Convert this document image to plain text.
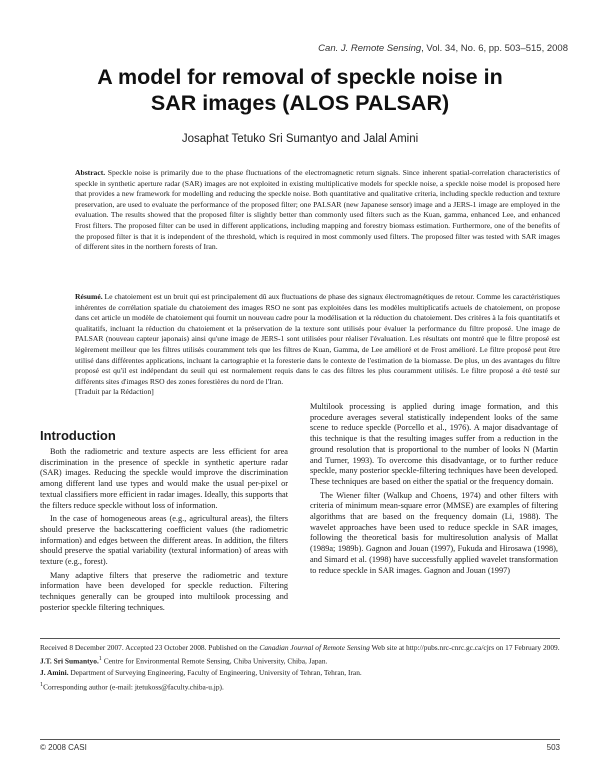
Can. J. Remote Sensing, Vol. 34, No. 6, pp. 503–515, 2008
A model for removal of speckle noise in
SAR images (ALOS PALSAR)
Josaphat Tetuko Sri Sumantyo and Jalal Amini
Abstract. Speckle noise is primarily due to the phase fluctuations of the electromagnetic return signals. Since inherent spatial-correlation characteristics of speckle in synthetic aperture radar (SAR) images are not exploited in existing multiplicative models for speckle noise, a speckle noise model is proposed here that provides a new framework for modelling and reducing the speckle noise. Both quantitative and qualitative criteria, including speckle reduction and texture preservation, are used to evaluate the performance of the proposed filter; one PALSAR (new Japanese sensor) image and a JERS-1 image are employed in the evaluation. The results showed that the proposed filter is slightly better than commonly used filters such as the Kuan, gamma, enhanced Lee, and enhanced Frost filters. The proposed filter can be used in different applications, including mapping and forestry biomass estimation. Furthermore, one of the benefits of the proposed filter is that it is independent of the threshold, which is required in most commonly used filters. The proposed filter was tested with SAR images of different sites in the northern forests of Iran.
Résumé. Le chatoiement est un bruit qui est principalement dû aux fluctuations de phase des signaux électromagnétiques de retour. Comme les caractéristiques inhérentes de corrélation spatiale du chatoiement des images RSO ne sont pas exploitées dans les modèles multiplicatifs actuels de chatoiement, on propose dans cet article un modèle de chatoiement qui fournit un nouveau cadre pour la modélisation et la réduction du chatoiement. Des critères à la fois quantitatifs et qualitatifs, incluant la réduction du chatoiement et la préservation de la texture sont utilisés pour évaluer la performance du filtre proposé. Une image de PALSAR (nouveau capteur japonais) ainsi qu'une image de JERS-1 sont utilisées pour réaliser l'évaluation. Les résultats ont montré que le filtre proposé est légèrement meilleur que les filtres utilisés couramment tels que les filtres de Kuan, Gamma, de Lee amélioré et de Frost amélioré. Le filtre proposé peut être utilisé dans différentes applications, incluant la cartographie et la foresterie dans le contexte de l'estimation de la biomasse. De plus, un des avantages du filtre proposé est qu'il est indépendant du seuil qui est normalement requis dans le cas des filtres les plus couramment utilisés. Le filtre proposé a été testé sur différents sites d'images RSO des zones forestières du nord de l'Iran.
[Traduit par la Rédaction]

Introduction

Both the radiometric and texture aspects are less efficient for area discrimination in the presence of speckle in synthetic aperture radar (SAR) images. Reducing the speckle would improve the discrimination among different land use types and would make the usual per-pixel or textual classifiers more efficient in radar images. Ideally, this supports that the filters reduce speckle without loss of information.

In the case of homogeneous areas (e.g., agricultural areas), the filters should preserve the backscattering coefficient values (the radiometric information) and edges between the different areas. In addition, the filters should preserve the spatial variability (textural information) of areas with texture (e.g., forest).

Many adaptive filters that preserve the radiometric and texture information have been developed for speckle reduction. Filtering techniques generally can be grouped into multilook processing and posterior speckle filtering techniques.

Multilook processing is applied during image formation, and this procedure averages several statistically independent looks of the same scene to reduce speckle (Porcello et al., 1976). A major disadvantage of this technique is that the resulting images suffer from a reduction in the ground resolution that is proportional to the number of looks N (Martin and Turner, 1993). To overcome this disadvantage, or to further reduce speckle, many posterior speckle-filtering techniques have been developed. These techniques are based on either the spatial or the frequency domain.

The Wiener filter (Walkup and Choens, 1974) and other filters with criteria of minimum mean-square error (MMSE) are examples of filtering algorithms that are based on the frequency domain (Li, 1988). The wavelet approaches have been used to reduce speckle in SAR images, following the theoretical basis for multiresolution analysis of Mallat (1989a; 1989b). Gagnon and Jouan (1997), Fukuda and Hirosawa (1998), and Simard et al. (1998) have successfully applied wavelet transformation to reduce speckle in SAR images. Gagnon and Jouan (1997)

Received 8 December 2007. Accepted 23 October 2008. Published on the Canadian Journal of Remote Sensing Web site at http://pubs.nrc-cnrc.gc.ca/cjrs on 17 February 2009.

J.T. Sri Sumantyo.$^1$ Centre for Environmental Remote Sensing, Chiba University, Chiba, Japan.

J. Amini. Department of Surveying Engineering, Faculty of Engineering, University of Tehran, Tehran, Iran.

$^1$Corresponding author (e-mail: jtetukoss@faculty.chiba-u.jp).

© 2008 CASI	503
